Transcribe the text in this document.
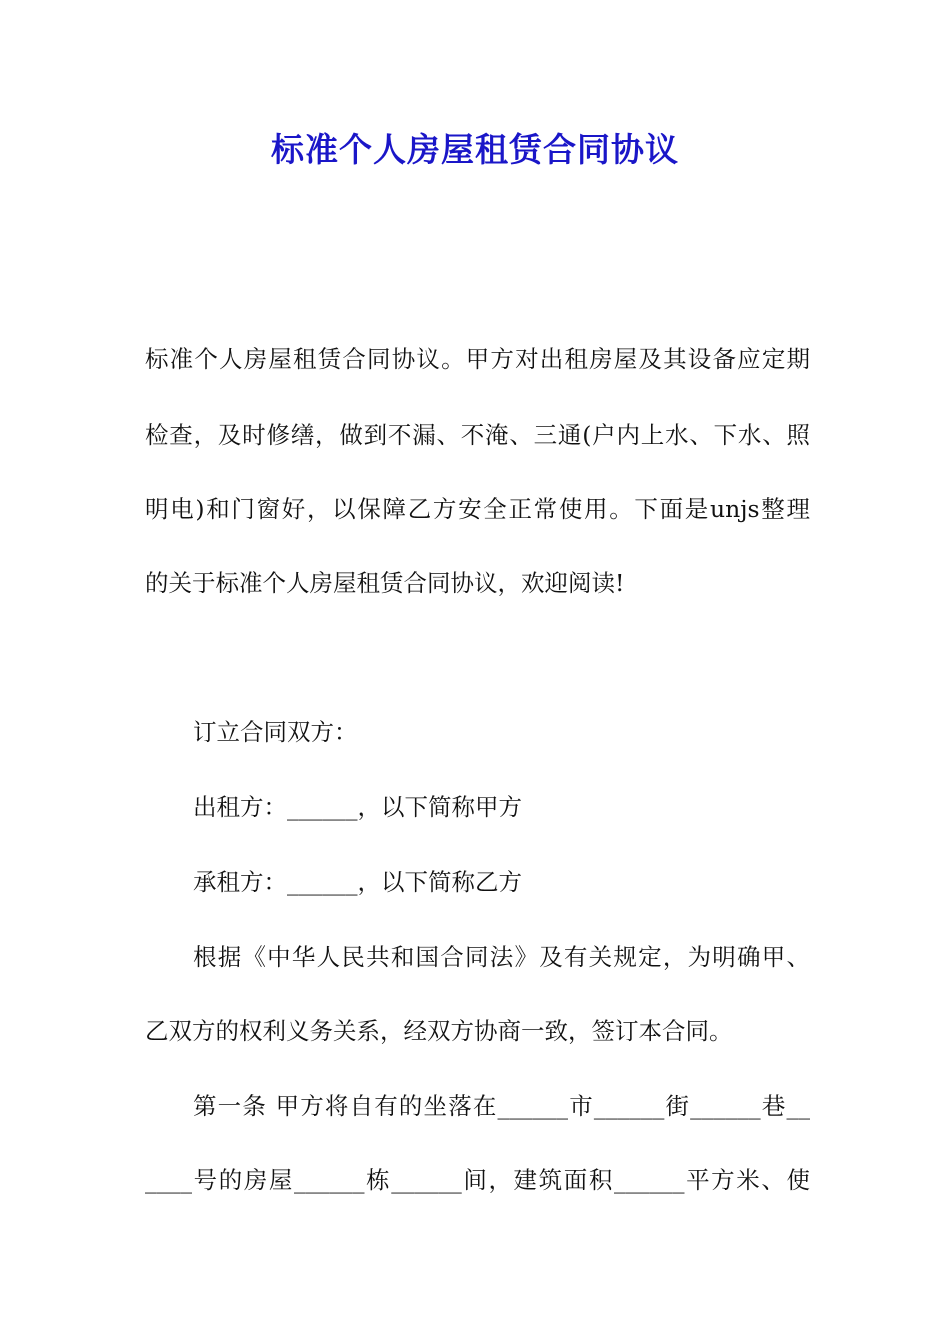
标准个人房屋租赁合同协议
标准个人房屋租赁合同协议。甲方对出租房屋及其设备应定期
检查，及时修缮，做到不漏、不淹、三通(户内上水、下水、照
明电)和门窗好，以保障乙方安全正常使用。下面是unjs整理
的关于标准个人房屋租赁合同协议，欢迎阅读!
订立合同双方：
出租方：______，以下简称甲方
承租方：______，以下简称乙方
根据《中华人民共和国合同法》及有关规定，为明确甲、
乙双方的权利义务关系，经双方协商一致，签订本合同。
第一条 甲方将自有的坐落在______市______街______巷__
____号的房屋______栋______间，建筑面积______平方米、使
